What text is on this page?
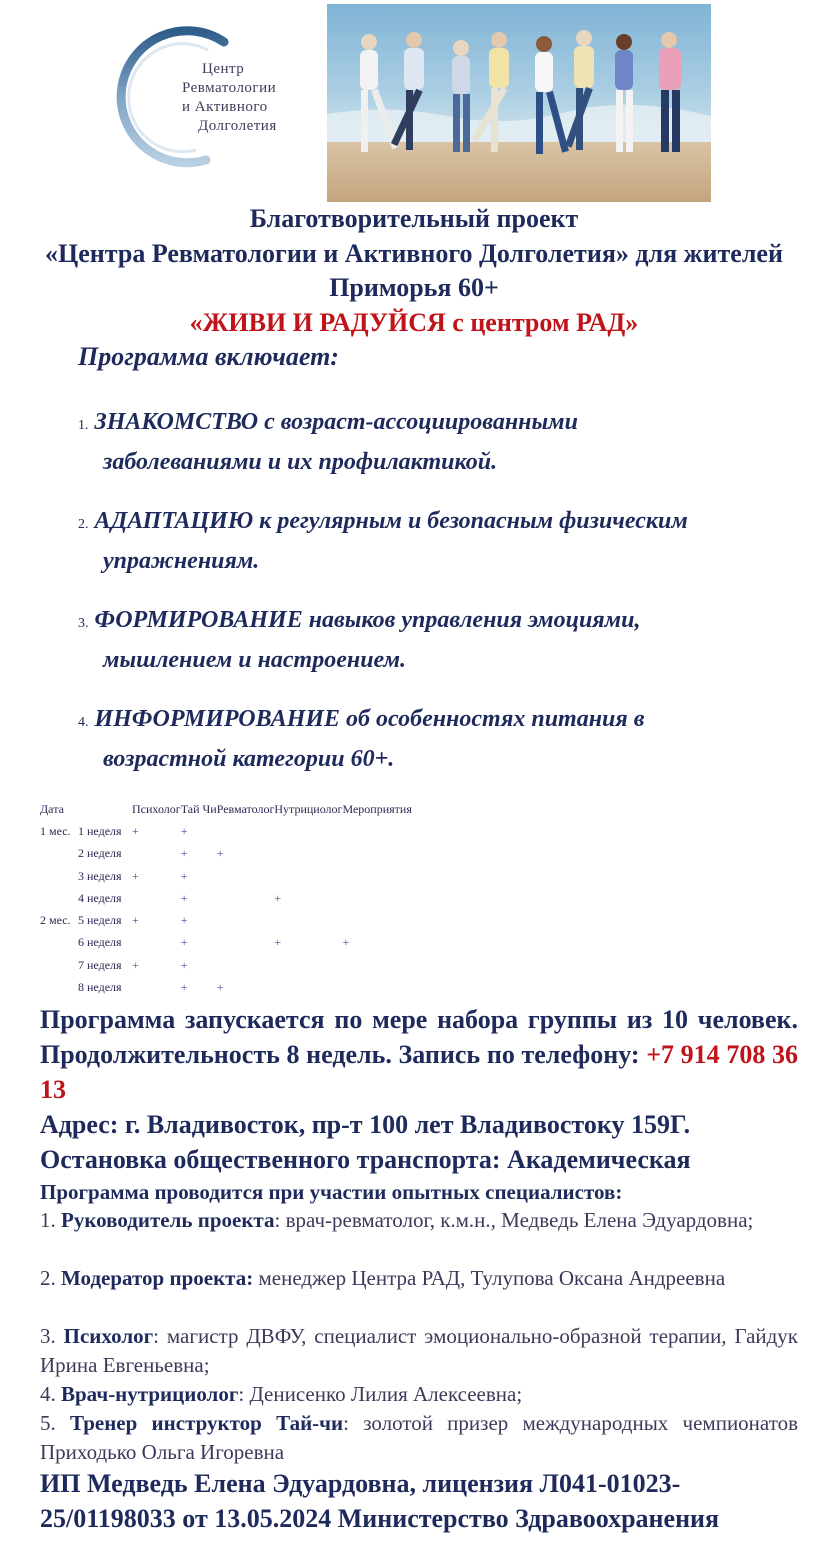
Центр
Ревматологии
и Активного
Долголетия
Благотворительный проект
«Центра Ревматологии и Активного Долголетия» для жителей
Приморья 60+
«ЖИВИ И РАДУЙСЯ с центром РАД»
Программа включает:
1. ЗНАКОМСТВО с возраст-ассоциированными
заболеваниями и их профилактикой.
2. АДАПТАЦИЮ к регулярным и безопасным физическим
упражнениям.
3. ФОРМИРОВАНИЕ навыков управления эмоциями,
мышлением и настроением.
4. ИНФОРМИРОВАНИЕ об особенностях питания в
возрастной категории 60+.
Дата	Психолог	Тай Чи	Ревматолог	Нутрициолог	Мероприятия
1 мес. 1 неделя	+	+			
2 неделя		+	+		
3 неделя	+	+			
4 неделя		+		+	
2 мес. 5 неделя	+	+			
6 неделя		+		+	+
7 неделя	+	+			
8 неделя		+	+		
Программа запускается по мере набора группы из 10 человек. Продолжительность 8 недель. Запись по телефону: +7 914 708 36 13
Адрес: г. Владивосток, пр-т 100 лет Владивостоку 159Г.
Остановка общественного транспорта: Академическая
Программа проводится при участии опытных специалистов:
1. Руководитель проекта: врач-ревматолог, к.м.н., Медведь Елена Эдуардовна;
2. Модератор проекта: менеджер Центра РАД, Тулупова Оксана Андреевна
3. Психолог: магистр ДВФУ, специалист эмоционально-образной терапии, Гайдук Ирина Евгеньевна;
4. Врач-нутрициолог: Денисенко Лилия Алексеевна;
5. Тренер инструктор Тай-чи: золотой призер международных чемпионатов Приходько Ольга Игоревна
ИП Медведь Елена Эдуардовна, лицензия Л041-01023-
25/01198033 от 13.05.2024 Министерство Здравоохранения
